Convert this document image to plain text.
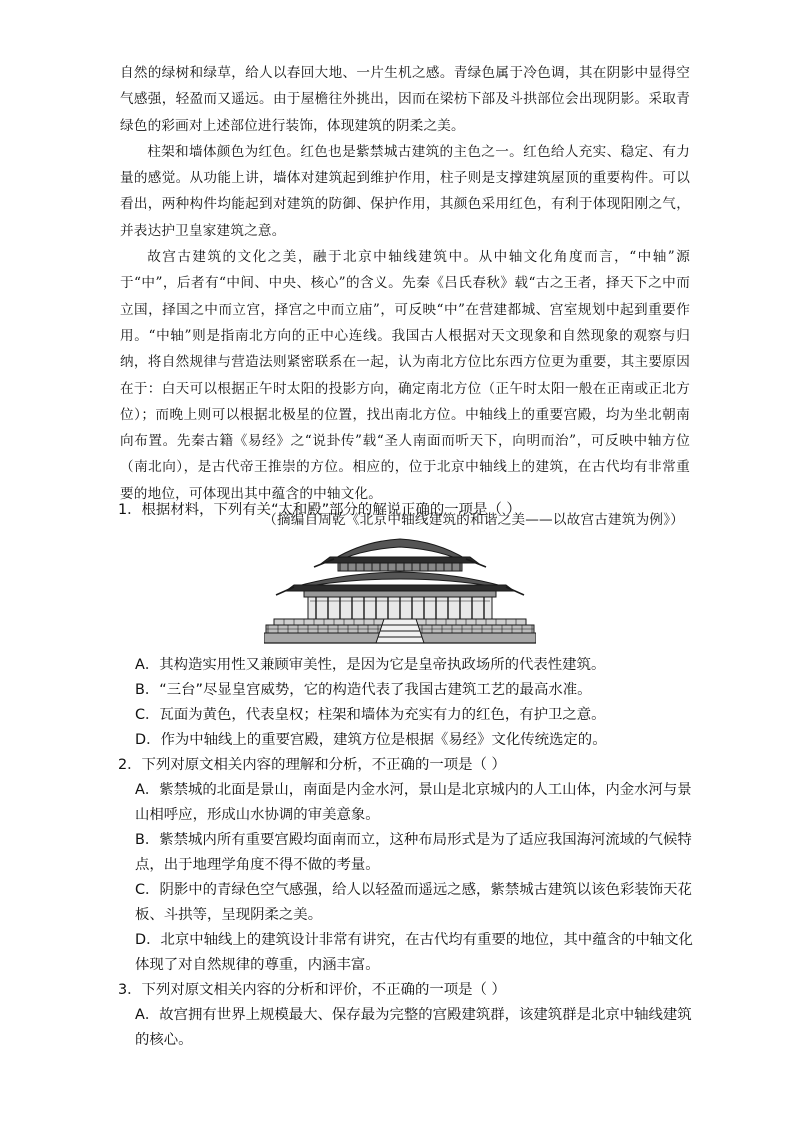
自然的绿树和绿草，给人以春回大地、一片生机之感。青绿色属于冷色调，其在阴影中显得空气感强，轻盈而又遥远。由于屋檐往外挑出，因而在梁枋下部及斗拱部位会出现阴影。采取青绿色的彩画对上述部位进行装饰，体现建筑的阴柔之美。

柱架和墙体颜色为红色。红色也是紫禁城古建筑的主色之一。红色给人充实、稳定、有力量的感觉。从功能上讲，墙体对建筑起到维护作用，柱子则是支撑建筑屋顶的重要构件。可以看出，两种构件均能起到对建筑的防御、保护作用，其颜色采用红色，有利于体现阳刚之气，并表达护卫皇家建筑之意。

故宫古建筑的文化之美，融于北京中轴线建筑中。从中轴文化角度而言，“中轴”源于“中”，后者有“中间、中央、核心”的含义。先秦《吕氏春秋》载“古之王者，择天下之中而立国，择国之中而立宫，择宫之中而立庙”，可反映“中”在营建都城、宫室规划中起到重要作用。“中轴”则是指南北方向的正中心连线。我国古人根据对天文现象和自然现象的观察与归纳，将自然规律与营造法则紧密联系在一起，认为南北方位比东西方位更为重要，其主要原因在于：白天可以根据正午时太阳的投影方向，确定南北方位（正午时太阳一般在正南或正北方位）；而晚上则可以根据北极星的位置，找出南北方位。中轴线上的重要宫殿，均为坐北朝南向布置。先秦古籍《易经》之“说卦传”载“圣人南面而听天下，向明而治”，可反映中轴方位（南北向），是古代帝王推崇的方位。相应的，位于北京中轴线上的建筑，在古代均有非常重要的地位，可体现出其中蕴含的中轴文化。

（摘编自周乾《北京中轴线建筑的和谐之美——以故宫古建筑为例》）

1．根据材料，下列有关“太和殿”部分的解说正确的一项是（ ）

A．其构造实用性又兼顾审美性，是因为它是皇帝执政场所的代表性建筑。

B．“三台”尽显皇宫威势，它的构造代表了我国古建筑工艺的最高水准。

C．瓦面为黄色，代表皇权；柱架和墙体为充实有力的红色，有护卫之意。

D．作为中轴线上的重要宫殿，建筑方位是根据《易经》文化传统选定的。

2．下列对原文相关内容的理解和分析，不正确的一项是（ ）

A．紫禁城的北面是景山，南面是内金水河，景山是北京城内的人工山体，内金水河与景山相呼应，形成山水协调的审美意象。

B．紫禁城内所有重要宫殿均面南而立，这种布局形式是为了适应我国海河流域的气候特点，出于地理学角度不得不做的考量。

C．阴影中的青绿色空气感强，给人以轻盈而遥远之感，紫禁城古建筑以该色彩装饰天花板、斗拱等，呈现阴柔之美。

D．北京中轴线上的建筑设计非常有讲究，在古代均有重要的地位，其中蕴含的中轴文化体现了对自然规律的尊重，内涵丰富。

3．下列对原文相关内容的分析和评价，不正确的一项是（ ）

A．故宫拥有世界上规模最大、保存最为完整的宫殿建筑群，该建筑群是北京中轴线建筑的核心。
